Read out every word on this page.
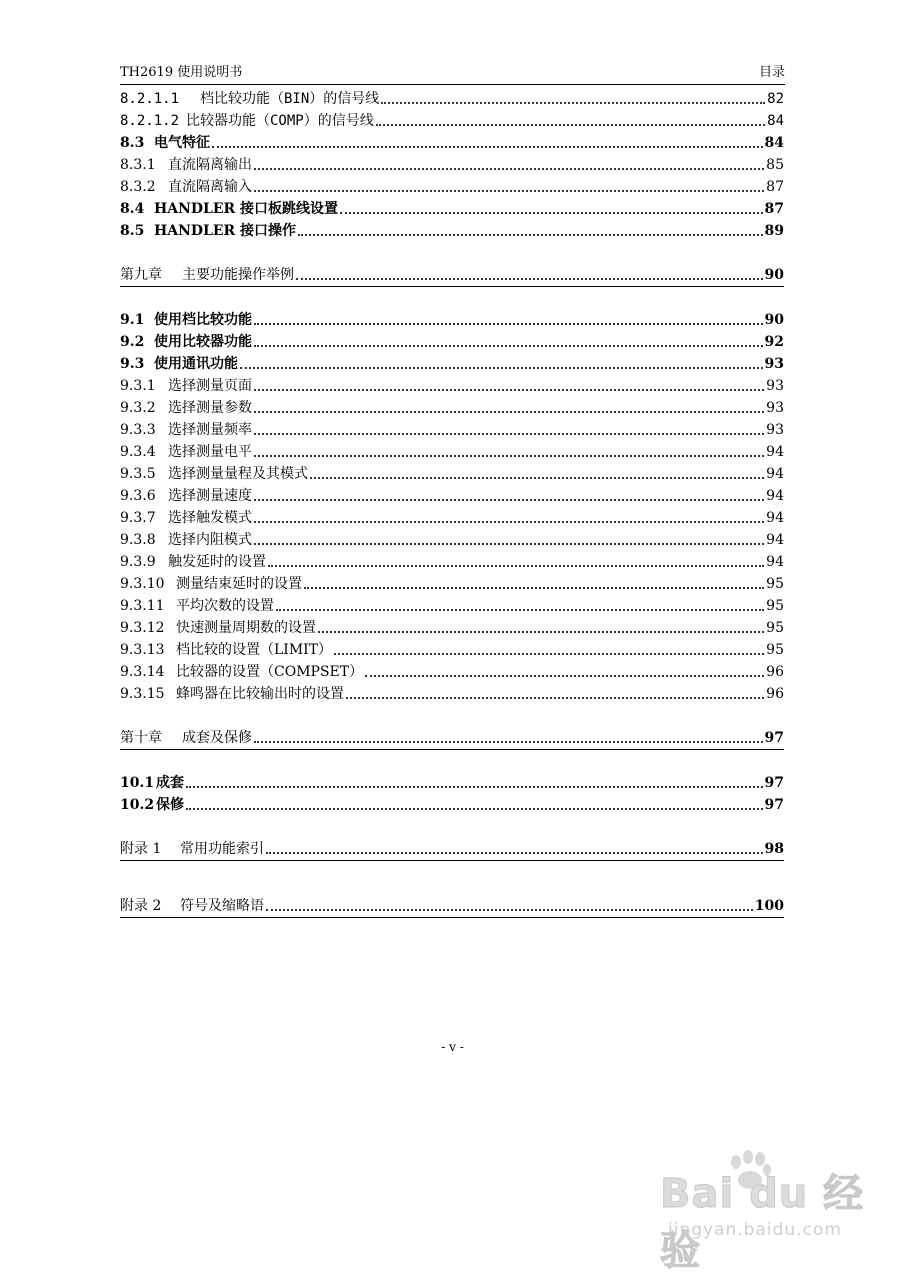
TH2619 使用说明书	目录
8.2.1.1	档比较功能（BIN）的信号线	82
8.2.1.2 比较器功能（COMP）的信号线	84
8.3 电气特征	84
8.3.1 直流隔离输出	85
8.3.2 直流隔离输入	87
8.4 HANDLER 接口板跳线设置	87
8.5 HANDLER 接口操作	89
第九章	主要功能操作举例	90
9.1 使用档比较功能	90
9.2 使用比较器功能	92
9.3 使用通讯功能	93
9.3.1 选择测量页面	93
9.3.2 选择测量参数	93
9.3.3 选择测量频率	93
9.3.4 选择测量电平	94
9.3.5 选择测量量程及其模式	94
9.3.6 选择测量速度	94
9.3.7 选择触发模式	94
9.3.8 选择内阻模式	94
9.3.9 触发延时的设置	94
9.3.10 测量结束延时的设置	95
9.3.11 平均次数的设置	95
9.3.12 快速测量周期数的设置	95
9.3.13 档比较的设置（LIMIT）	95
9.3.14 比较器的设置（COMPSET）	96
9.3.15 蜂鸣器在比较输出时的设置	96
第十章	成套及保修	97
10.1 成套	97
10.2 保修	97
附录 1	常用功能索引	98
附录 2	符号及缩略语	100
- v -
Bai du 经验
jingyan.baidu.com
